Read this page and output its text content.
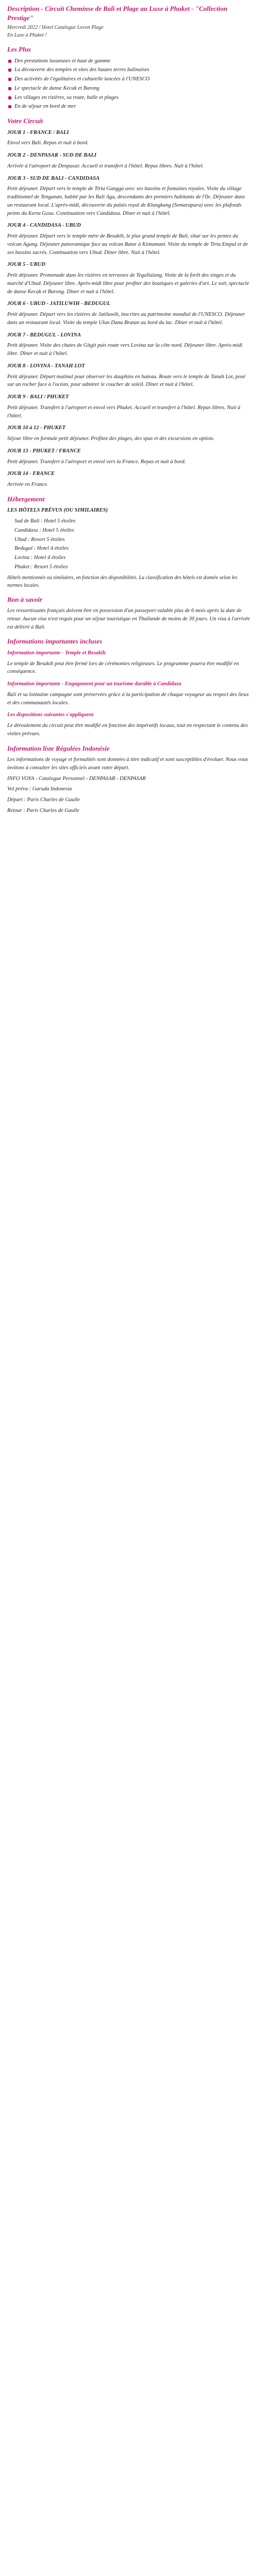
Description - Circuit Cheminse de Bali et Plage au Luxe à Phuket - "Collection Prestige"
Mercredi 2022 / Hotel Catalogue Lovon Plage
En Luxe à Phuket !
Les Plus
Des prestations luxueuses et haut de gamme
La découverte des temples et sites des hautes terres balinaises
Des activités de l'égalitaires et culturelle lancées à l'UNESCO
Le spectacle de danse Kecak et Barong
Les villages en rizières, sa route, balle et plages
En de séjour en bord de mer
Votre Circuit

JOUR 1 - FRANCE / BALI

Envol vers Bali. Repas et nuit à bord.

JOUR 2 - DENPASAR - SUD DE BALI

Arrivée à l'aéroport de Denpasar. Accueil et transfert à l'hôtel. Repas libres. Nuit à l'hôtel.

JOUR 3 - SUD DE BALI - CANDIDASA

Petit déjeuner. Départ vers le temple de Tirta Gangga avec ses bassins et fontaines royales. Visite du village traditionnel de Tenganan, habité par les Bali Aga, descendants des premiers habitants de l'île. Déjeuner dans un restaurant local. L'après-midi, découverte du palais royal de Klungkung (Semarapura) avec les plafonds peints du Kerta Gosa. Continuation vers Candidasa. Dîner et nuit à l'hôtel.

JOUR 4 - CANDIDASA - UBUD

Petit déjeuner. Départ vers le temple mère de Besakih, le plus grand temple de Bali, situé sur les pentes du volcan Agung. Déjeuner panoramique face au volcan Batur à Kintamani. Visite du temple de Tirta Empul et de ses bassins sacrés. Continuation vers Ubud. Dîner libre. Nuit à l'hôtel.

JOUR 5 - UBUD

Petit déjeuner. Promenade dans les rizières en terrasses de Tegallalang. Visite de la forêt des singes et du marché d'Ubud. Déjeuner libre. Après-midi libre pour profiter des boutiques et galeries d'art. Le soir, spectacle de danse Kecak et Barong. Dîner et nuit à l'hôtel.

JOUR 6 - UBUD - JATILUWIH - BEDUGUL

Petit déjeuner. Départ vers les rizières de Jatiluwih, inscrites au patrimoine mondial de l'UNESCO. Déjeuner dans un restaurant local. Visite du temple Ulun Danu Bratan au bord du lac. Dîner et nuit à l'hôtel.

JOUR 7 - BEDUGUL - LOVINA

Petit déjeuner. Visite des chutes de Gitgit puis route vers Lovina sur la côte nord. Déjeuner libre. Après-midi libre. Dîner et nuit à l'hôtel.

JOUR 8 - LOVINA - TANAH LOT

Petit déjeuner. Départ matinal pour observer les dauphins en bateau. Route vers le temple de Tanah Lot, posé sur un rocher face à l'océan, pour admirer le coucher de soleil. Dîner et nuit à l'hôtel.

JOUR 9 - BALI / PHUKET

Petit déjeuner. Transfert à l'aéroport et envol vers Phuket. Accueil et transfert à l'hôtel. Repas libres. Nuit à l'hôtel.

JOUR 10 à 12 - PHUKET

Séjour libre en formule petit déjeuner. Profitez des plages, des spas et des excursions en option.

JOUR 13 - PHUKET / FRANCE

Petit déjeuner. Transfert à l'aéroport et envol vers la France. Repas et nuit à bord.

JOUR 14 - FRANCE

Arrivée en France.

Hébergement

LES HÔTELS PRÉVUS (OU SIMILAIRES)

Sud de Bali : Hotel 5 étoiles
Candidasa : Hotel 5 étoiles
Ubud : Resort 5 étoiles
Bedugul : Hotel 4 étoiles
Lovina : Hotel 4 étoiles
Phuket : Resort 5 étoiles

Hôtels mentionnés ou similaires, en fonction des disponibilités. La classification des hôtels est donnée selon les normes locales.

Bon à savoir

Les ressortissants français doivent être en possession d'un passeport valable plus de 6 mois après la date de retour. Aucun visa n'est requis pour un séjour touristique en Thaïlande de moins de 30 jours. Un visa à l'arrivée est délivré à Bali.

Informations importantes incluses

Information importante - Temple et Besakih

Le temple de Besakih peut être fermé lors de cérémonies religieuses. Le programme pourra être modifié en conséquence.

Information importante - Engagement pour un tourisme durable à Candidasa

Bali et sa lointaine campagne sont préservées grâce à la participation de chaque voyageur au respect des lieux et des communautés locales.

Les dispositions suivantes s'appliquent

Le déroulement du circuit peut être modifié en fonction des impératifs locaux, tout en respectant le contenu des visites prévues.

Information liste Régulées Indonésie

Les informations de voyage et formalités sont données à titre indicatif et sont susceptibles d'évoluer. Nous vous invitons à consulter les sites officiels avant votre départ.

INFO VOYA - Catalogue Personnel - DENPASAR - DENPASAR

Vol prévu : Garuda Indonesia

Départ : Paris Charles de Gaulle

Retour : Paris Charles de Gaulle
